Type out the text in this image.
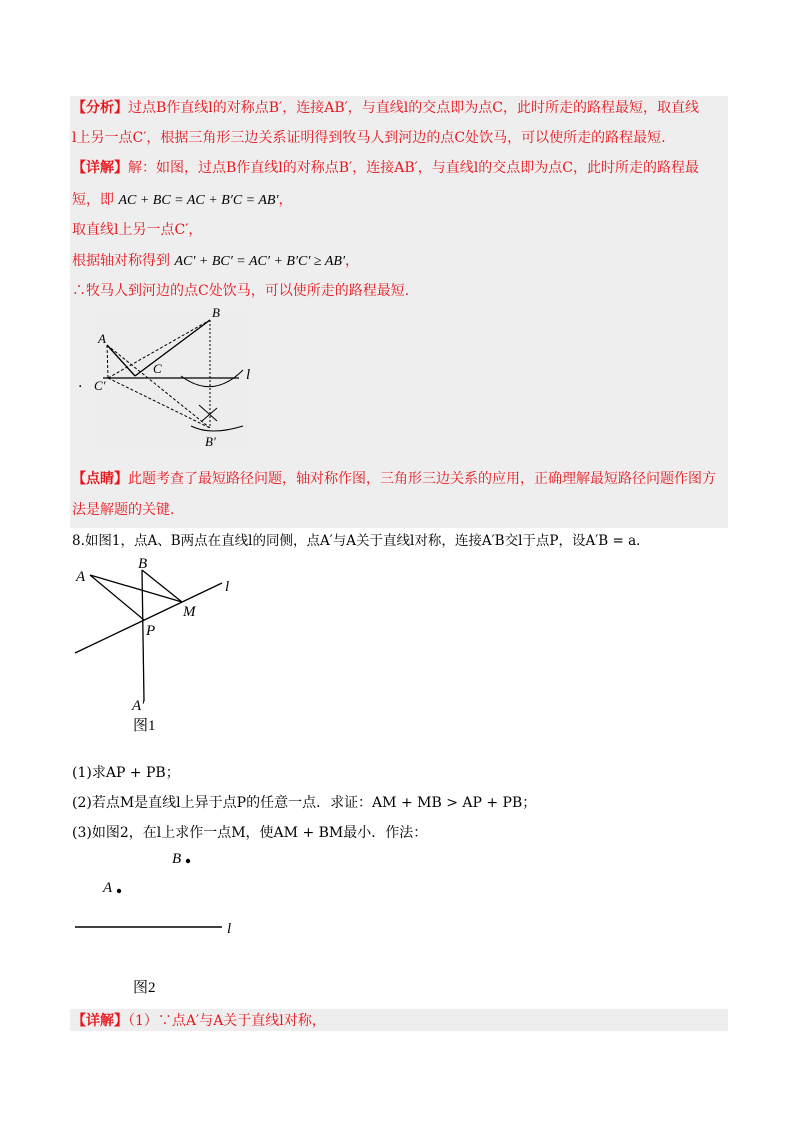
【分析】过点B作直线l的对称点B′，连接AB′，与直线l的交点即为点C，此时所走的路程最短，取直线
l上另一点C′，根据三角形三边关系证明得到牧马人到河边的点C处饮马，可以使所走的路程最短.
【详解】解：如图，过点B作直线l的对称点B′，连接AB′，与直线l的交点即为点C，此时所走的路程最
短，即 AC + BC = AC + B′C = AB′，
取直线l上另一点C′，
根据轴对称得到 AC′ + BC′ = AC′ + B′C′ ≥ AB′，
∴牧马人到河边的点C处饮马，可以使所走的路程最短.
.
A
B
C
C′
B′
l
【点睛】此题考查了最短路径问题，轴对称作图，三角形三边关系的应用，正确理解最短路径问题作图方
法是解题的关键.
8.如图1，点A、B两点在直线l的同侧，点A′与A关于直线l对称，连接A′B交l于点P，设A′B = a．
A
B
M
P
A′
l
图1
(1)求AP + PB；
(2)若点M是直线l上异于点P的任意一点．求证：AM + MB > AP + PB；
(3)如图2，在l上求作一点M，使AM + BM最小．作法：
B
A
l
图2
【详解】（1）∵点A′与A关于直线l对称，
